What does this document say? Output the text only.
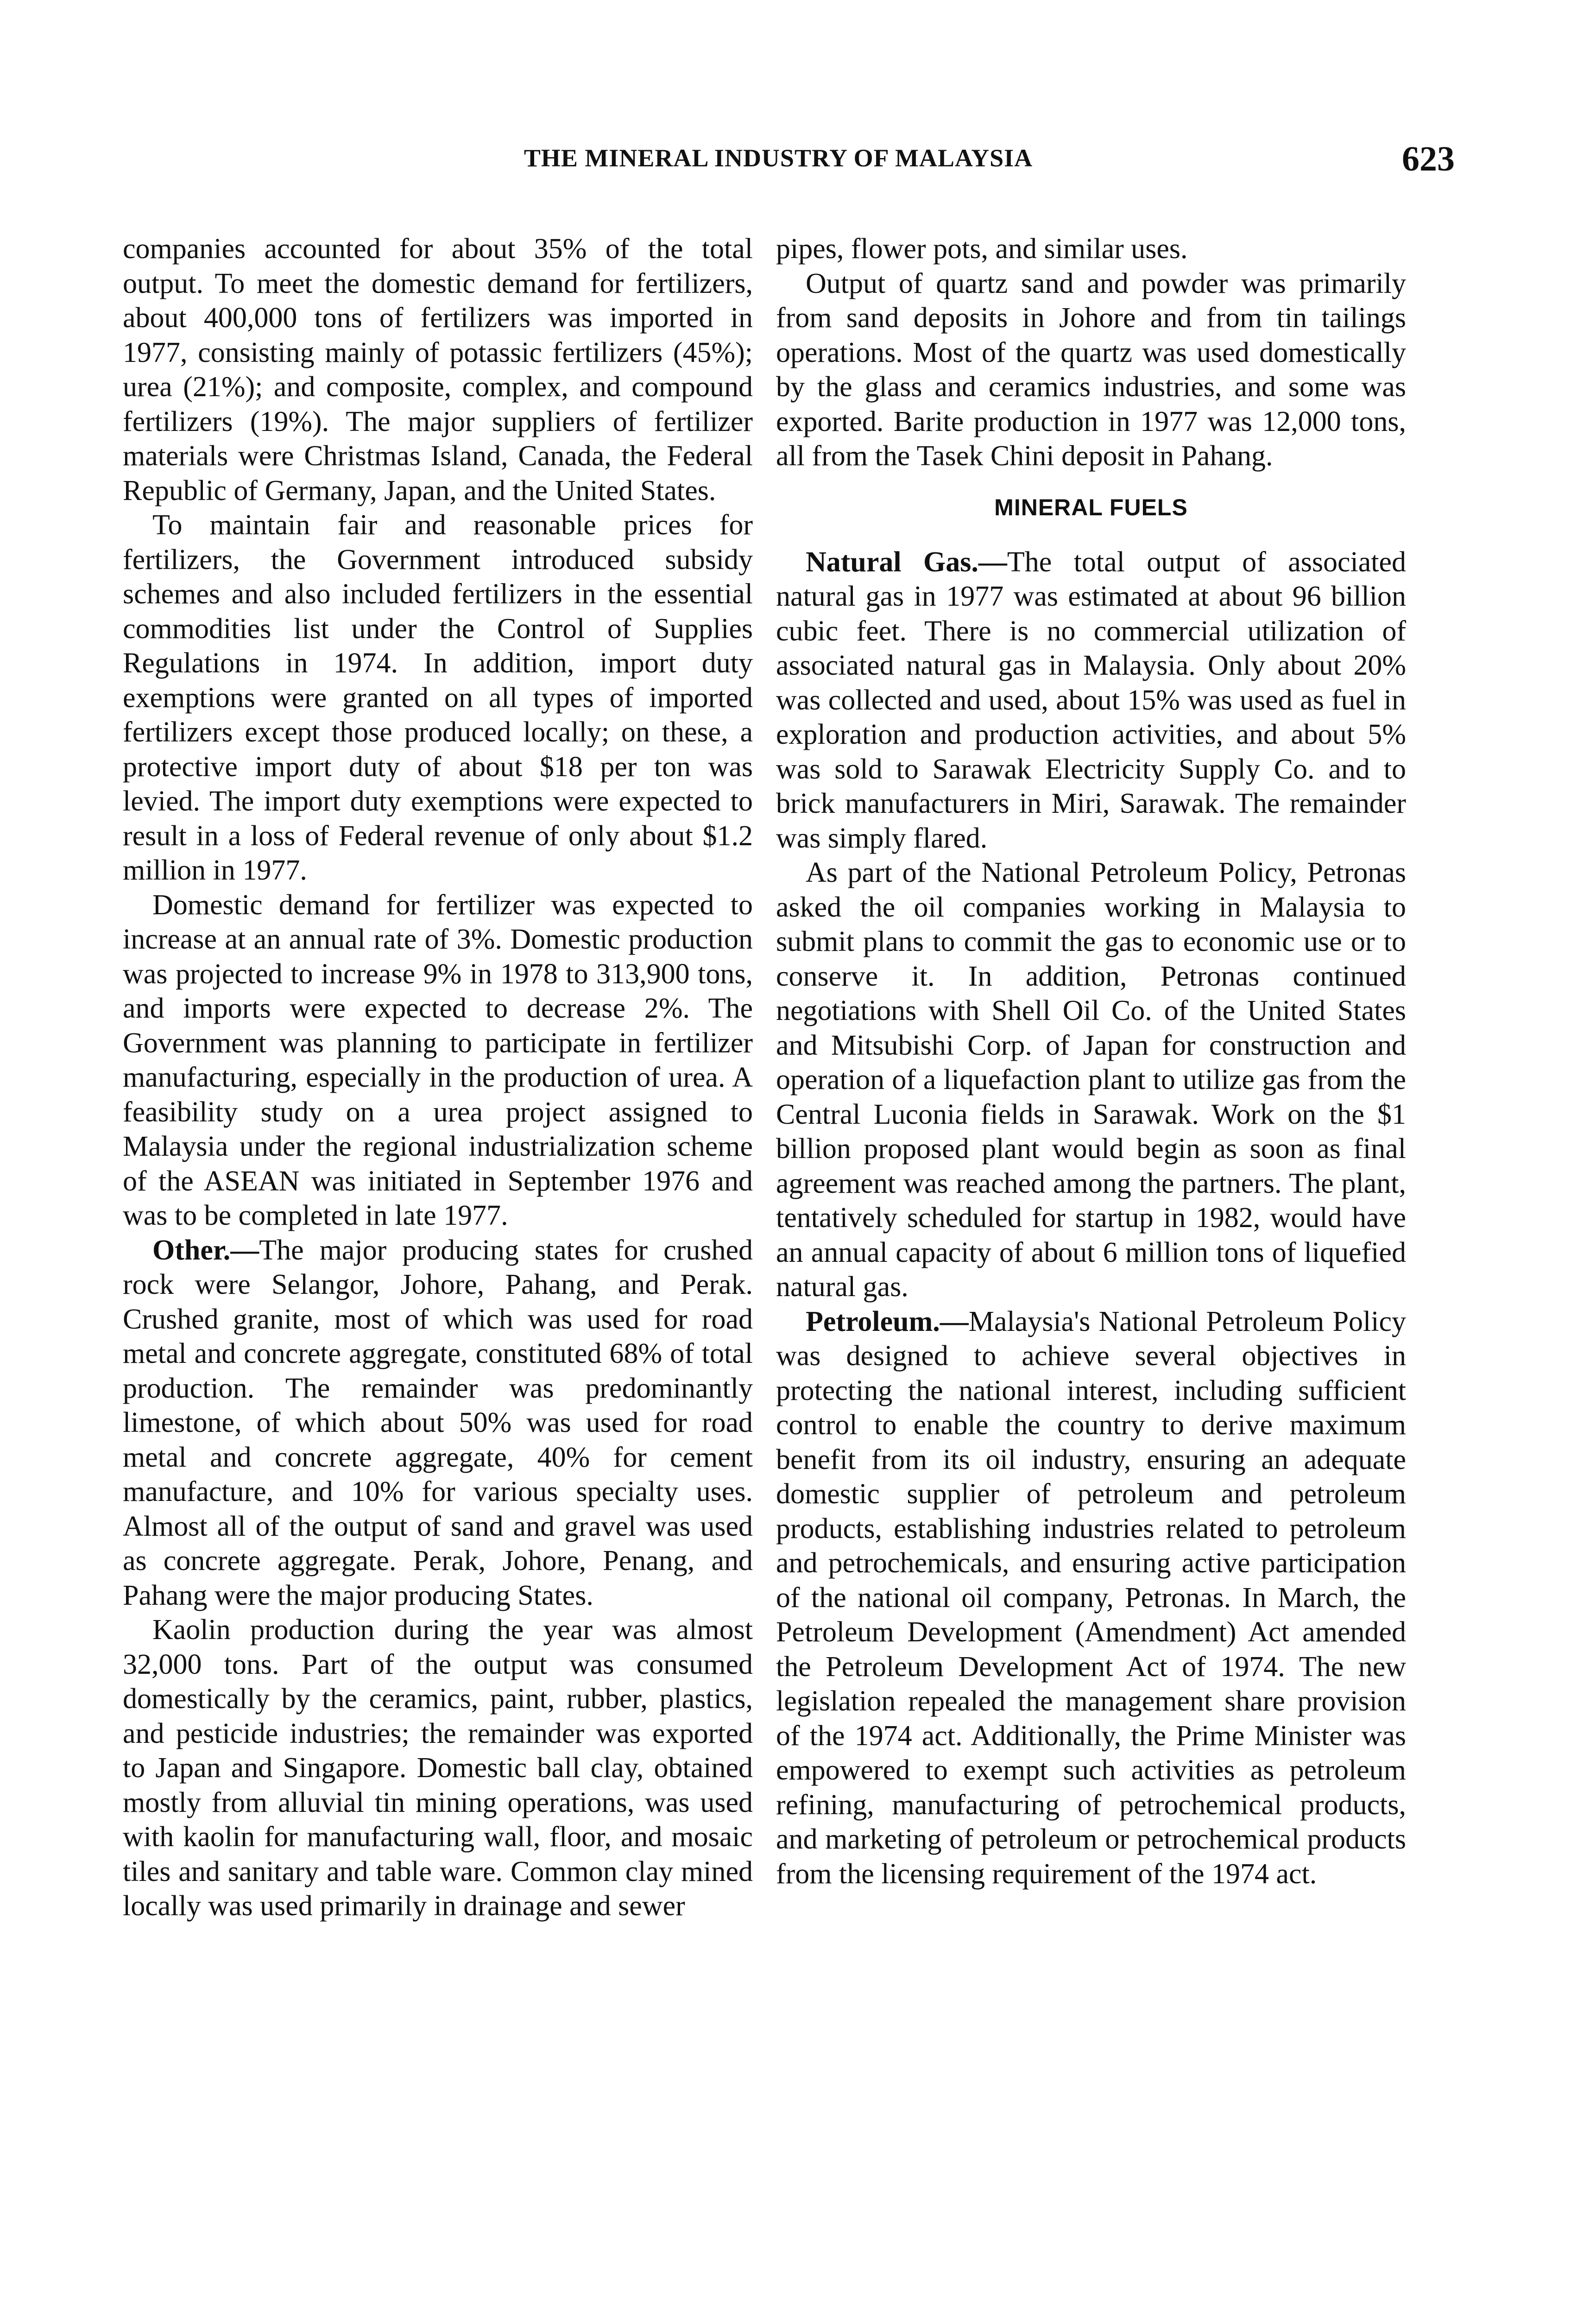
THE MINERAL INDUSTRY OF MALAYSIA	623

companies accounted for about 35% of the total output. To meet the domestic demand for fertilizers, about 400,000 tons of fertilizers was imported in 1977, consisting mainly of potassic fertilizers (45%); urea (21%); and composite, complex, and compound fertilizers (19%). The major suppliers of fertilizer materials were Christmas Island, Canada, the Federal Republic of Germany, Japan, and the United States.

To maintain fair and reasonable prices for fertilizers, the Government introduced subsidy schemes and also included fertilizers in the essential commodities list under the Control of Supplies Regulations in 1974. In addition, import duty exemptions were granted on all types of imported fertilizers except those produced locally; on these, a protective import duty of about $18 per ton was levied. The import duty exemptions were expected to result in a loss of Federal revenue of only about $1.2 million in 1977.

Domestic demand for fertilizer was expected to increase at an annual rate of 3%. Domestic production was projected to increase 9% in 1978 to 313,900 tons, and imports were expected to decrease 2%. The Government was planning to participate in fertilizer manufacturing, especially in the production of urea. A feasibility study on a urea project assigned to Malaysia under the regional industrialization scheme of the ASEAN was initiated in September 1976 and was to be completed in late 1977.

Other.—The major producing states for crushed rock were Selangor, Johore, Pahang, and Perak. Crushed granite, most of which was used for road metal and concrete aggregate, constituted 68% of total production. The remainder was predominantly limestone, of which about 50% was used for road metal and concrete aggregate, 40% for cement manufacture, and 10% for various specialty uses. Almost all of the output of sand and gravel was used as concrete aggregate. Perak, Johore, Penang, and Pahang were the major producing States.

Kaolin production during the year was almost 32,000 tons. Part of the output was consumed domestically by the ceramics, paint, rubber, plastics, and pesticide industries; the remainder was exported to Japan and Singapore. Domestic ball clay, obtained mostly from alluvial tin mining operations, was used with kaolin for manufacturing wall, floor, and mosaic tiles and sanitary and table ware. Common clay mined locally was used primarily in drainage and sewer

pipes, flower pots, and similar uses.

Output of quartz sand and powder was primarily from sand deposits in Johore and from tin tailings operations. Most of the quartz was used domestically by the glass and ceramics industries, and some was exported. Barite production in 1977 was 12,000 tons, all from the Tasek Chini deposit in Pahang.

MINERAL FUELS

Natural Gas.—The total output of associated natural gas in 1977 was estimated at about 96 billion cubic feet. There is no commercial utilization of associated natural gas in Malaysia. Only about 20% was collected and used, about 15% was used as fuel in exploration and production activities, and about 5% was sold to Sarawak Electricity Supply Co. and to brick manufacturers in Miri, Sarawak. The remainder was simply flared.

As part of the National Petroleum Policy, Petronas asked the oil companies working in Malaysia to submit plans to commit the gas to economic use or to conserve it. In addition, Petronas continued negotiations with Shell Oil Co. of the United States and Mitsubishi Corp. of Japan for construction and operation of a liquefaction plant to utilize gas from the Central Luconia fields in Sarawak. Work on the $1 billion proposed plant would begin as soon as final agreement was reached among the partners. The plant, tentatively scheduled for startup in 1982, would have an annual capacity of about 6 million tons of liquefied natural gas.

Petroleum.—Malaysia's National Petroleum Policy was designed to achieve several objectives in protecting the national interest, including sufficient control to enable the country to derive maximum benefit from its oil industry, ensuring an adequate domestic supplier of petroleum and petroleum products, establishing industries related to petroleum and petrochemicals, and ensuring active participation of the national oil company, Petronas. In March, the Petroleum Development (Amendment) Act amended the Petroleum Development Act of 1974. The new legislation repealed the management share provision of the 1974 act. Additionally, the Prime Minister was empowered to exempt such activities as petroleum refining, manufacturing of petrochemical products, and marketing of petroleum or petrochemical products from the licensing requirement of the 1974 act.
